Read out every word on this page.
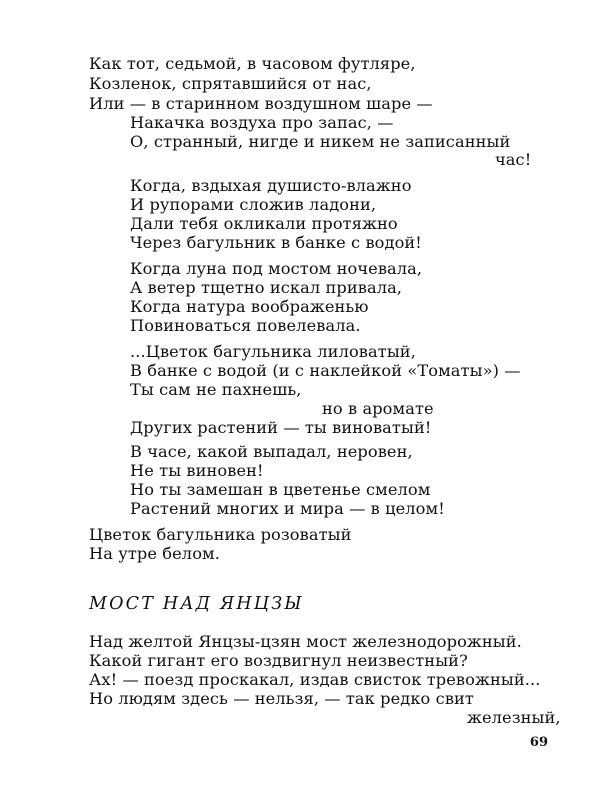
Как тот, седьмой, в часовом футляре,
Козленок, спрятавшийся от нас,
Или — в старинном воздушном шаре —
Накачка воздуха про запас, —
О, странный, нигде и никем не записанный
час!
Когда, вздыхая душисто-влажно
И рупорами сложив ладони,
Дали тебя окликали протяжно
Через багульник в банке с водой!
Когда луна под мостом ночевала,
А ветер тщетно искал привала,
Когда натура воображенью
Повиноваться повелевала.
...Цветок багульника лиловатый,
В банке с водой (и с наклейкой «Томаты») —
Ты сам не пахнешь,
но в аромате
Других растений — ты виноватый!
В часе, какой выпадал, неровен,
Не ты виновен!
Но ты замешан в цветенье смелом
Растений многих и мира — в целом!
Цветок багульника розоватый
На утре белом.
МОСТ НАД ЯНЦЗЫ
Над желтой Янцзы-цзян мост железнодорожный.
Какой гигант его воздвигнул неизвестный?
Ах! — поезд проскакал, издав свисток тревожный...
Но людям здесь — нельзя, — так редко свит
железный,
69
